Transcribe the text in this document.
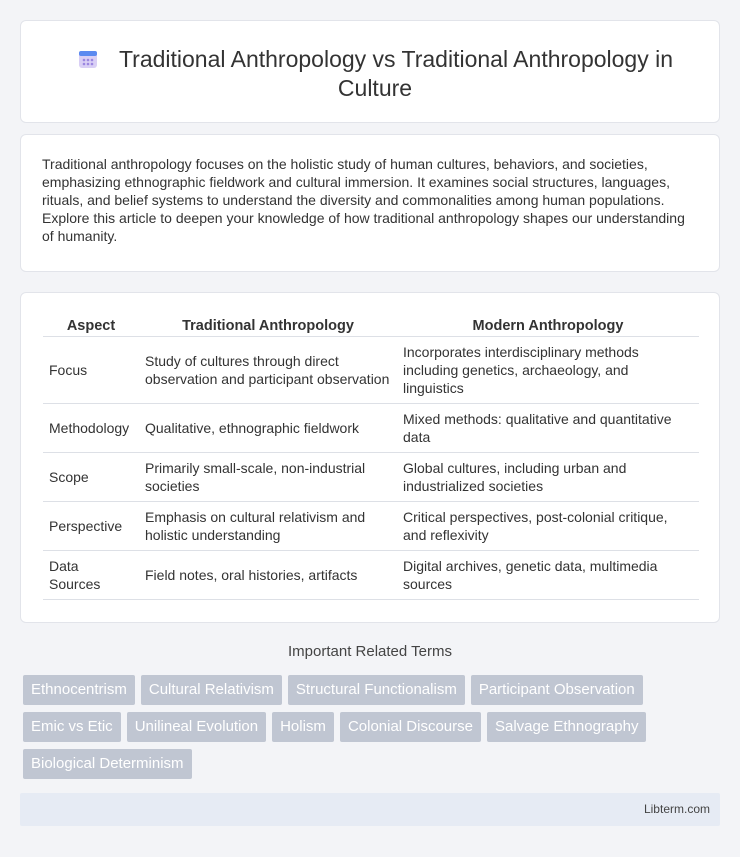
Traditional Anthropology vs Traditional Anthropology in Culture

Traditional anthropology focuses on the holistic study of human cultures, behaviors, and societies, emphasizing ethnographic fieldwork and cultural immersion. It examines social structures, languages, rituals, and belief systems to understand the diversity and commonalities among human populations. Explore this article to deepen your knowledge of how traditional anthropology shapes our understanding of humanity.

Aspect	Traditional Anthropology	Modern Anthropology
Focus	Study of cultures through direct observation and participant observation	Incorporates interdisciplinary methods including genetics, archaeology, and linguistics
Methodology	Qualitative, ethnographic fieldwork	Mixed methods: qualitative and quantitative data
Scope	Primarily small-scale, non-industrial societies	Global cultures, including urban and industrialized societies
Perspective	Emphasis on cultural relativism and holistic understanding	Critical perspectives, post-colonial critique, and reflexivity
Data Sources	Field notes, oral histories, artifacts	Digital archives, genetic data, multimedia sources
Important Related Terms
Ethnocentrism	Cultural Relativism	Structural Functionalism	Participant Observation
Emic vs Etic	Unilineal Evolution	Holism	Colonial Discourse	Salvage Ethnography
Biological Determinism
Libterm.com
